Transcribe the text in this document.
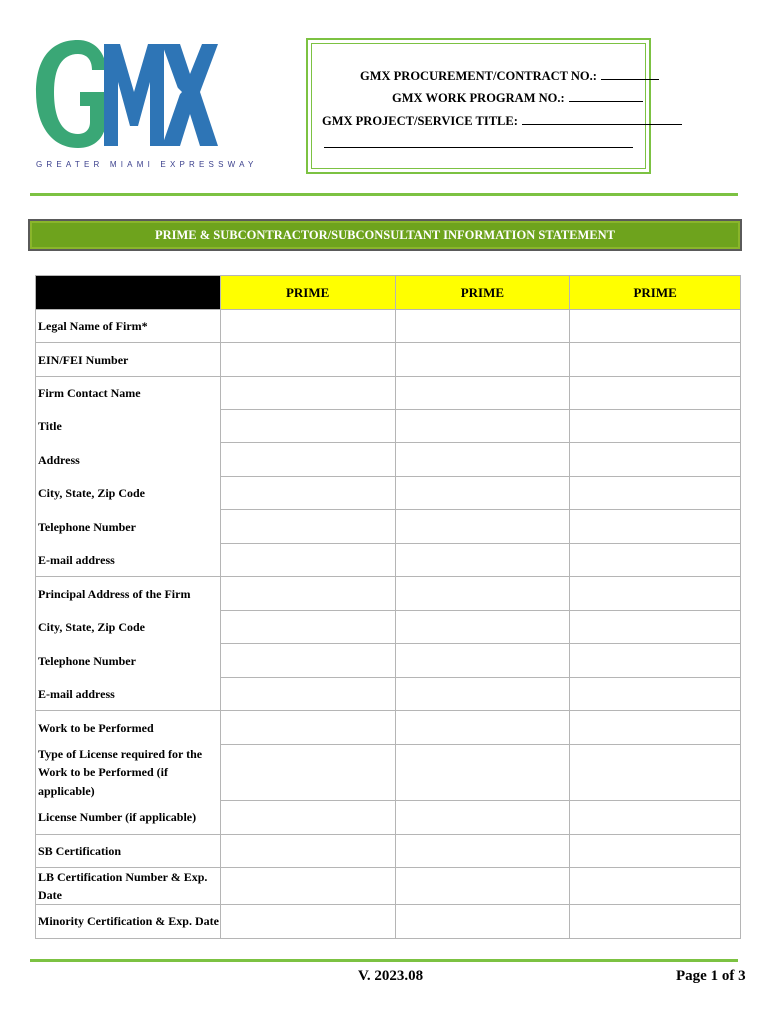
GREATER MIAMI EXPRESSWAY
GMX PROCUREMENT/CONTRACT NO.:
GMX WORK PROGRAM NO.:
GMX PROJECT/SERVICE TITLE:
PRIME & SUBCONTRACTOR/SUBCONSULTANT INFORMATION STATEMENT
	PRIME	PRIME	PRIME
Legal Name of Firm*			
EIN/FEI Number			
Firm Contact Name			
Title			
Address			
City, State, Zip Code			
Telephone Number			
E-mail address			
Principal Address of the Firm			
City, State, Zip Code			
Telephone Number			
E-mail address			
Work to be Performed			
Type of License required for the Work to be Performed (if applicable)			
License Number (if applicable)			
SB Certification			
LB Certification Number & Exp. Date			
Minority Certification & Exp. Date			
V. 2023.08	Page 1 of 3
